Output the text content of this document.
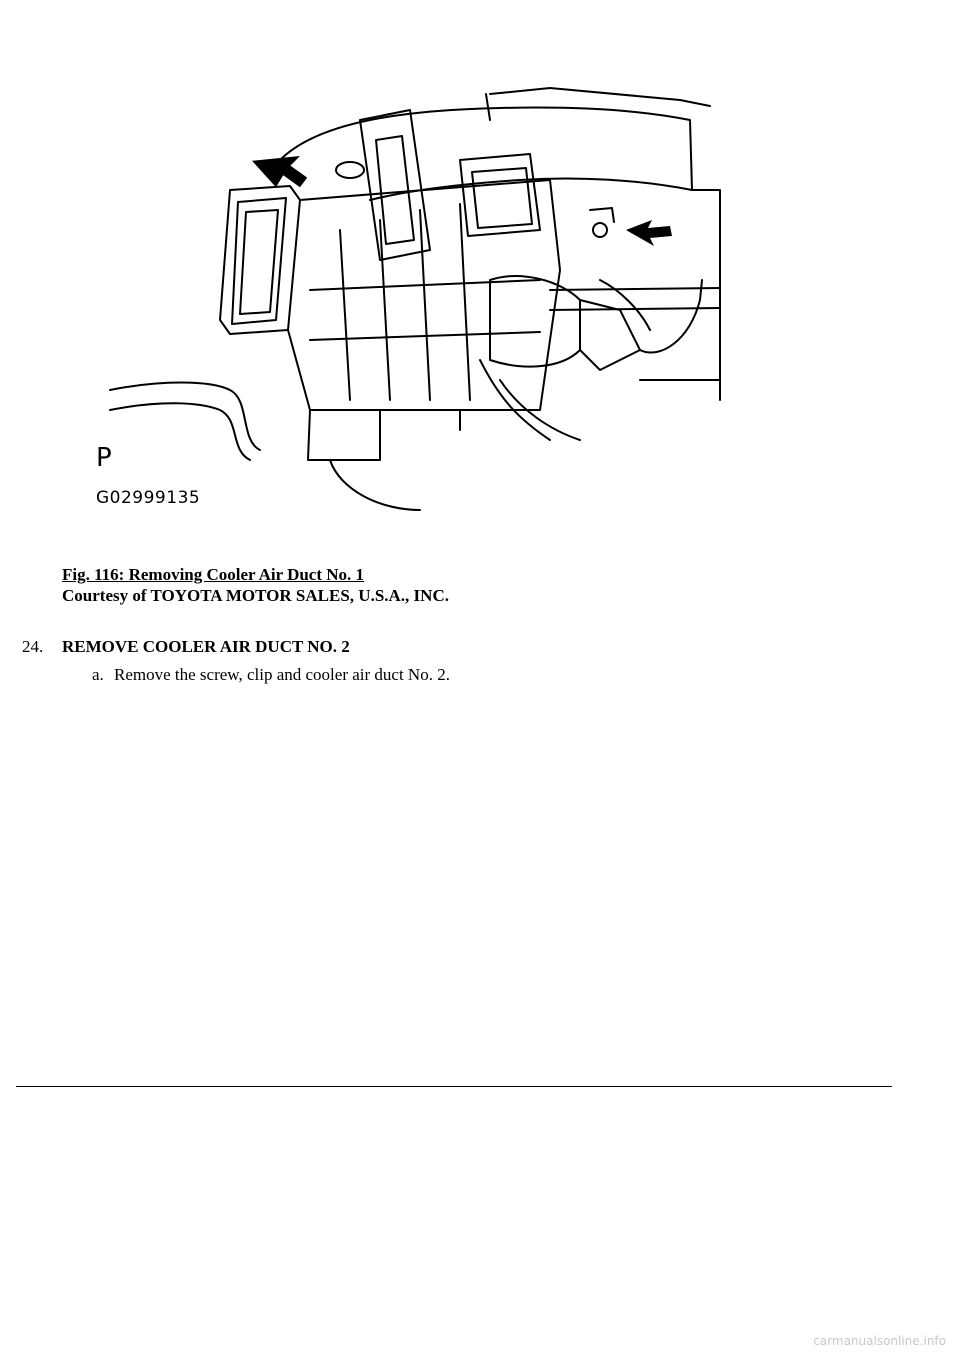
P
G02999135
Fig. 116: Removing Cooler Air Duct No. 1
Courtesy of TOYOTA MOTOR SALES, U.S.A., INC.
24.	REMOVE COOLER AIR DUCT NO. 2
a. Remove the screw, clip and cooler air duct No. 2.
carmanualsonline.info
